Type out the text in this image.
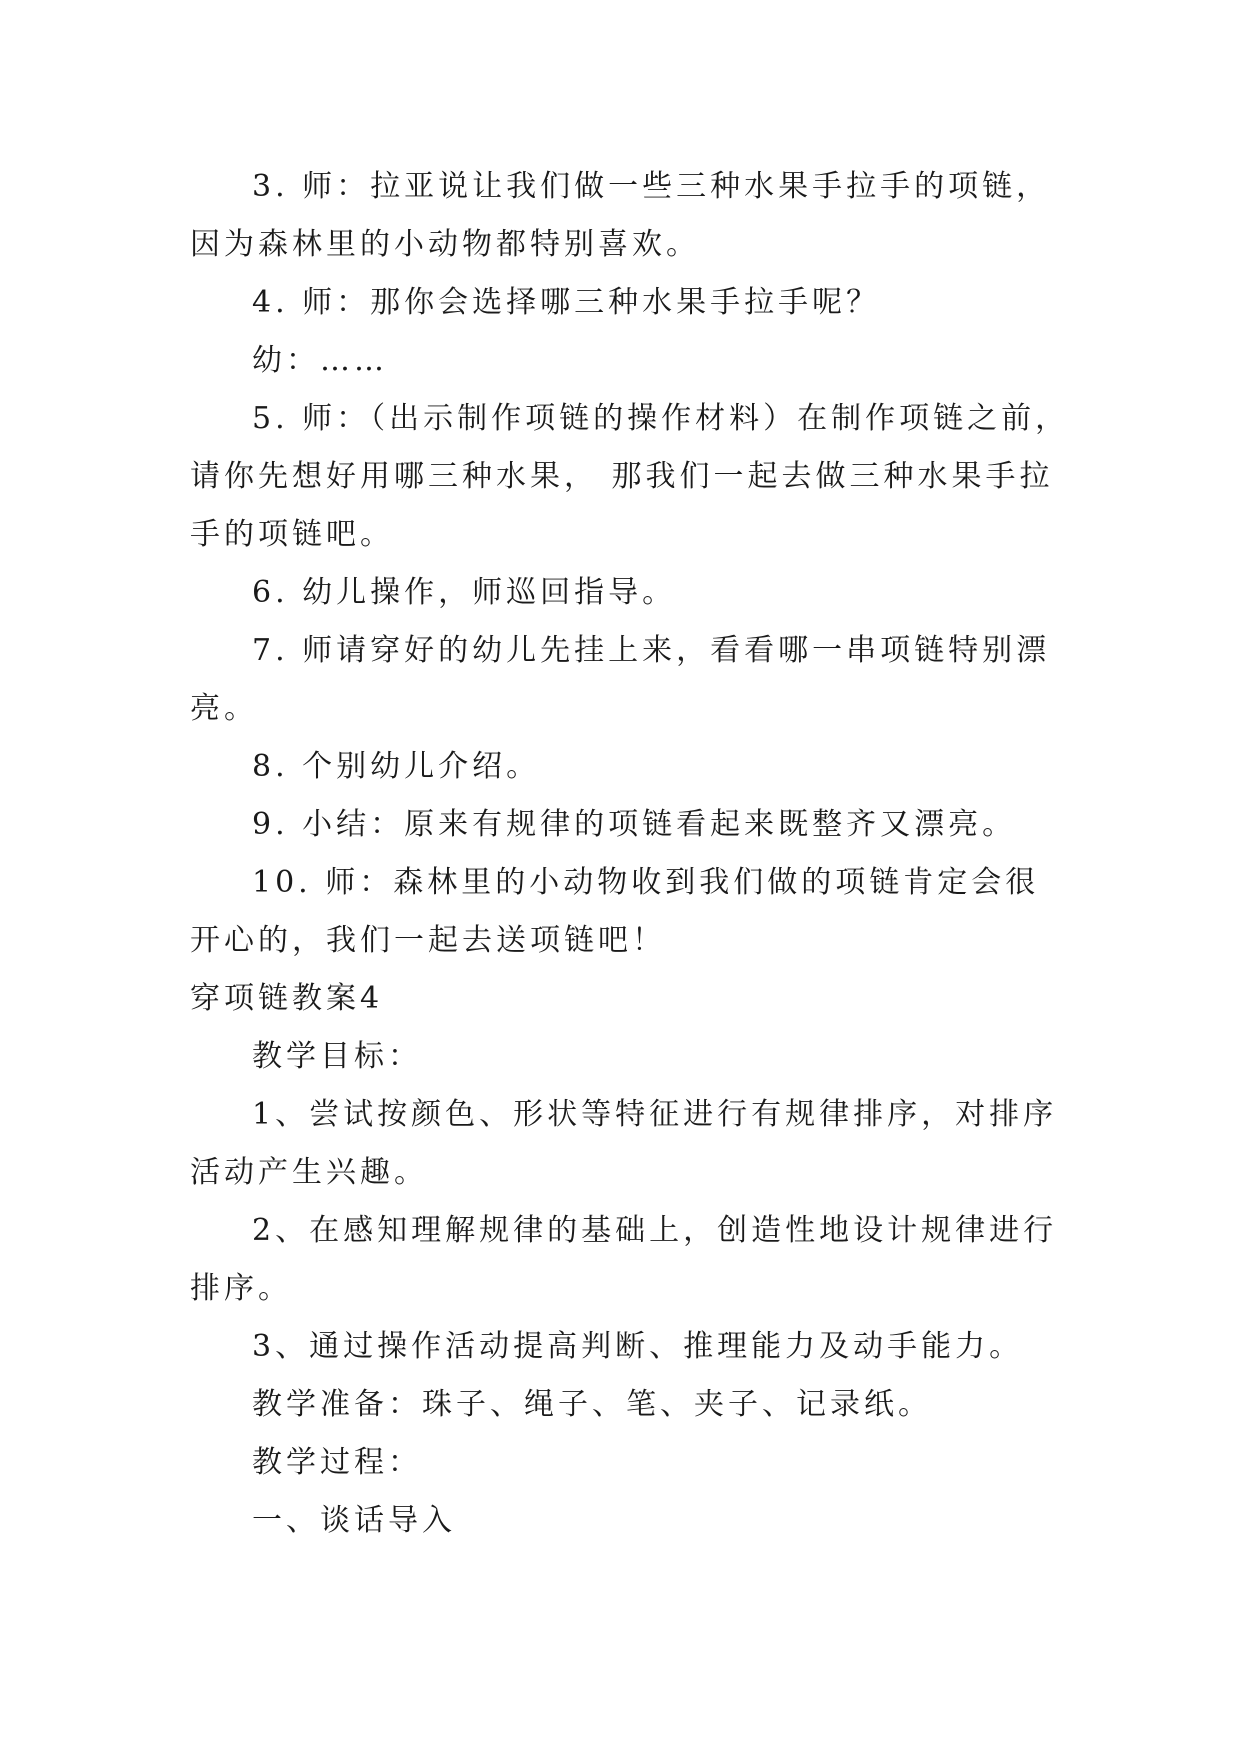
3. 师：拉亚说让我们做一些三种水果手拉手的项链，因为森林里的小动物都特别喜欢。

4. 师：那你会选择哪三种水果手拉手呢？

幼：……

5. 师：（出示制作项链的操作材料）在制作项链之前，请你先想好用哪三种水果， 那我们一起去做三种水果手拉手的项链吧。

6. 幼儿操作，师巡回指导。

7. 师请穿好的幼儿先挂上来，看看哪一串项链特别漂亮。

8. 个别幼儿介绍。

9. 小结：原来有规律的项链看起来既整齐又漂亮。

10. 师：森林里的小动物收到我们做的项链肯定会很开心的，我们一起去送项链吧！

穿项链教案4

教学目标：

1、尝试按颜色、形状等特征进行有规律排序，对排序活动产生兴趣。

2、在感知理解规律的基础上，创造性地设计规律进行排序。

3、通过操作活动提高判断、推理能力及动手能力。

教学准备：珠子、绳子、笔、夹子、记录纸。

教学过程：

一、谈话导入
